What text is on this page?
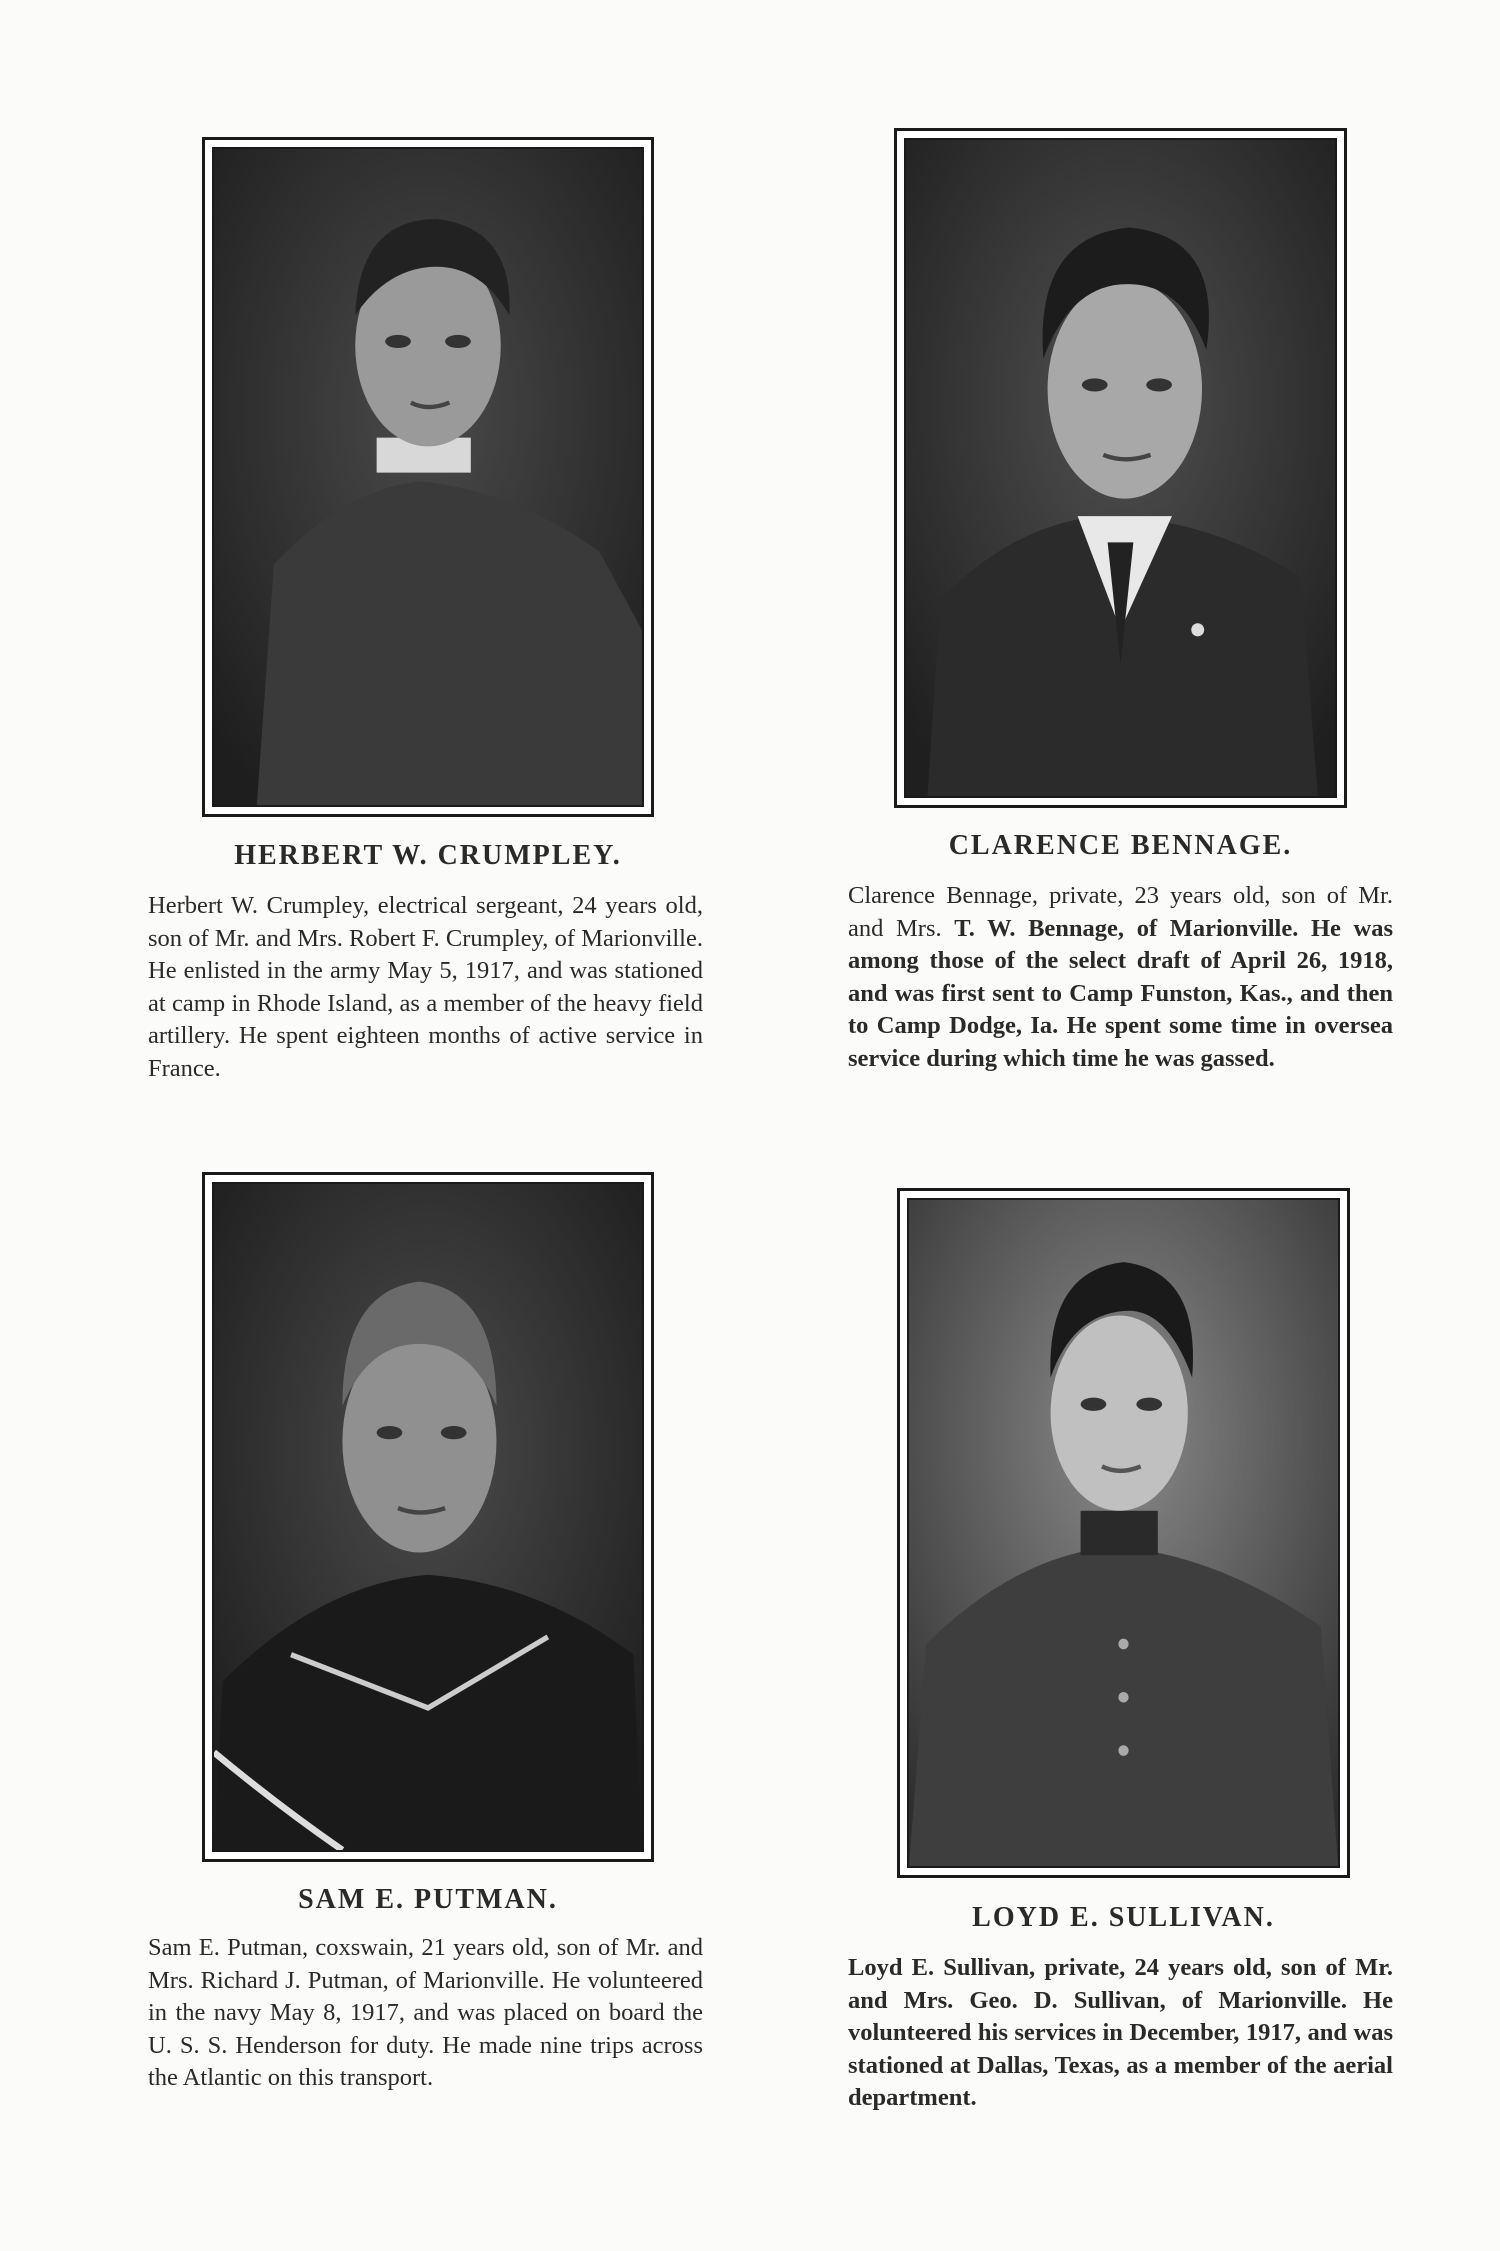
HERBERT W. CRUMPLEY.

Herbert W. Crumpley, electrical sergeant, 24 years old, son of Mr. and Mrs. Robert F. Crumpley, of Marionville. He enlisted in the army May 5, 1917, and was stationed at camp in Rhode Island, as a member of the heavy field artillery. He spent eighteen months of active service in France.

CLARENCE BENNAGE.

Clarence Bennage, private, 23 years old, son of Mr. and Mrs. T. W. Bennage, of Marionville. He was among those of the select draft of April 26, 1918, and was first sent to Camp Funston, Kas., and then to Camp Dodge, Ia. He spent some time in oversea service during which time he was gassed.

SAM E. PUTMAN.

Sam E. Putman, coxswain, 21 years old, son of Mr. and Mrs. Richard J. Putman, of Marionville. He volunteered in the navy May 8, 1917, and was placed on board the U. S. S. Henderson for duty. He made nine trips across the Atlantic on this transport.

LOYD E. SULLIVAN.

Loyd E. Sullivan, private, 24 years old, son of Mr. and Mrs. Geo. D. Sullivan, of Marionville. He volunteered his services in December, 1917, and was stationed at Dallas, Texas, as a member of the aerial department.
